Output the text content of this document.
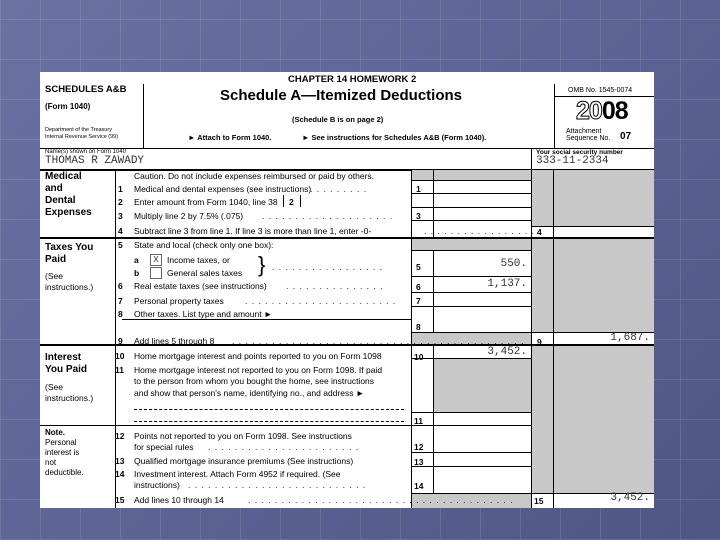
CHAPTER 14 HOMEWORK 2
SCHEDULES A&B
(Form 1040)
Department of the Treasury
Internal Revenue Service (99)
Schedule A—Itemized Deductions
(Schedule B is on page 2)
► Attach to Form 1040.	► See instructions for Schedules A&B (Form 1040).
OMB No. 1545-0074
2008
Attachment
Sequence No. 07
Name(s) shown on Form 1040
THOMAS R ZAWADY
Your social security number
333-11-2334
Medical
and
Dental
Expenses
Caution. Do not include expenses reimbursed or paid by others.
1 Medical and dental expenses (see instructions)
. . . . . . . . .	1
2 Enter amount from Form 1040, line 38 2
3 Multiply line 2 by 7.5% (.075) . . . . . . . . . . . . . . . . . . . .	3
4 Subtract line 3 from line 1. If line 3 is more than line 1, enter -0-	. . . . . . . . . . . . . . . . . 4
Taxes You
Paid
(See
instructions.)
5 State and local (check only one box):
a	X Income taxes, or
b	General sales taxes } . . . . . . . . . . . . . . . . .	5	550.
6 Real estate taxes (see instructions) . . . . . . . . . . . . . . .	6	1,137.
7 Personal property taxes . . . . . . . . . . . . . . . . . . . . . . . 7
8 Other taxes. List type and amount ►
8
9 Add lines 5 through 8 . . . . . . . . . . . . . . . . . . . . . . . . . . . . . . . . . . . . . . . . . . . . 9	1,687.
Interest
You Paid
(See
instructions.)
10 Home mortgage interest and points reported to you on Form 1098	10	3,452.
11 Home mortgage interest not reported to you on Form 1098. If paid
to the person from whom you bought the home, see instructions
and show that person's name, identifying no., and address ►
11
Note.
Personal
interest is
not
deductible.
12 Points not reported to you on Form 1098. See instructions
for special rules . . . . . . . . . . . . . . . . . . . . . . .	12
13 Qualified mortgage insurance premiums (See instructions)	13
14 Investment interest. Attach Form 4952 if required. (See
instructions) . . . . . . . . . . . . . . . . . . . . . . . . . . .	14
15 Add lines 10 through 14	. . . . . . . . . . . . . . . . . . . . . . . . . . . . . . . . . . . . . . . . 15	3,452.
